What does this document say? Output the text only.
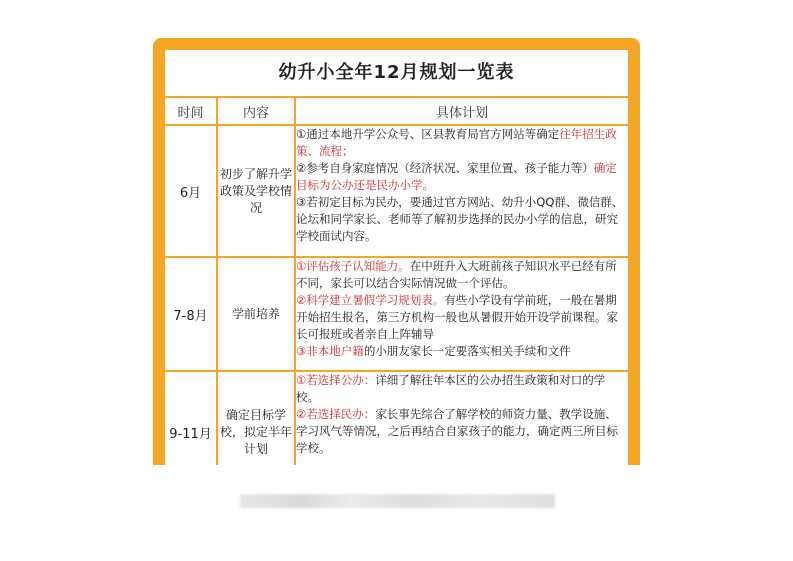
幼升小全年12月规划一览表
时间	内容	具体计划
6月	初步了解升学政策及学校情况	①通过本地升学公众号、区县教育局官方网站等确定往年招生政策、流程；
②参考自身家庭情况（经济状况、家里位置、孩子能力等）确定目标为公办还是民办小学。
③若初定目标为民办，要通过官方网站、幼升小QQ群、微信群、论坛和同学家长、老师等了解初步选择的民办小学的信息，研究学校面试内容。

7-8月	学前培养	①评估孩子认知能力。在中班升入大班前孩子知识水平已经有所不同，家长可以结合实际情况做一个评估。
②科学建立暑假学习规划表。有些小学设有学前班，一般在暑期开始招生报名，第三方机构一般也从暑假开始开设学前课程。家长可报班或者亲自上阵辅导
③非本地户籍的小朋友家长一定要落实相关手续和文件

9-11月	确定目标学校，拟定半年计划	①若选择公办：详细了解往年本区的公办招生政策和对口的学校。
②若选择民办：家长事先综合了解学校的师资力量、教学设施、学习风气等情况，之后再结合自家孩子的能力，确定两三所目标学校。
